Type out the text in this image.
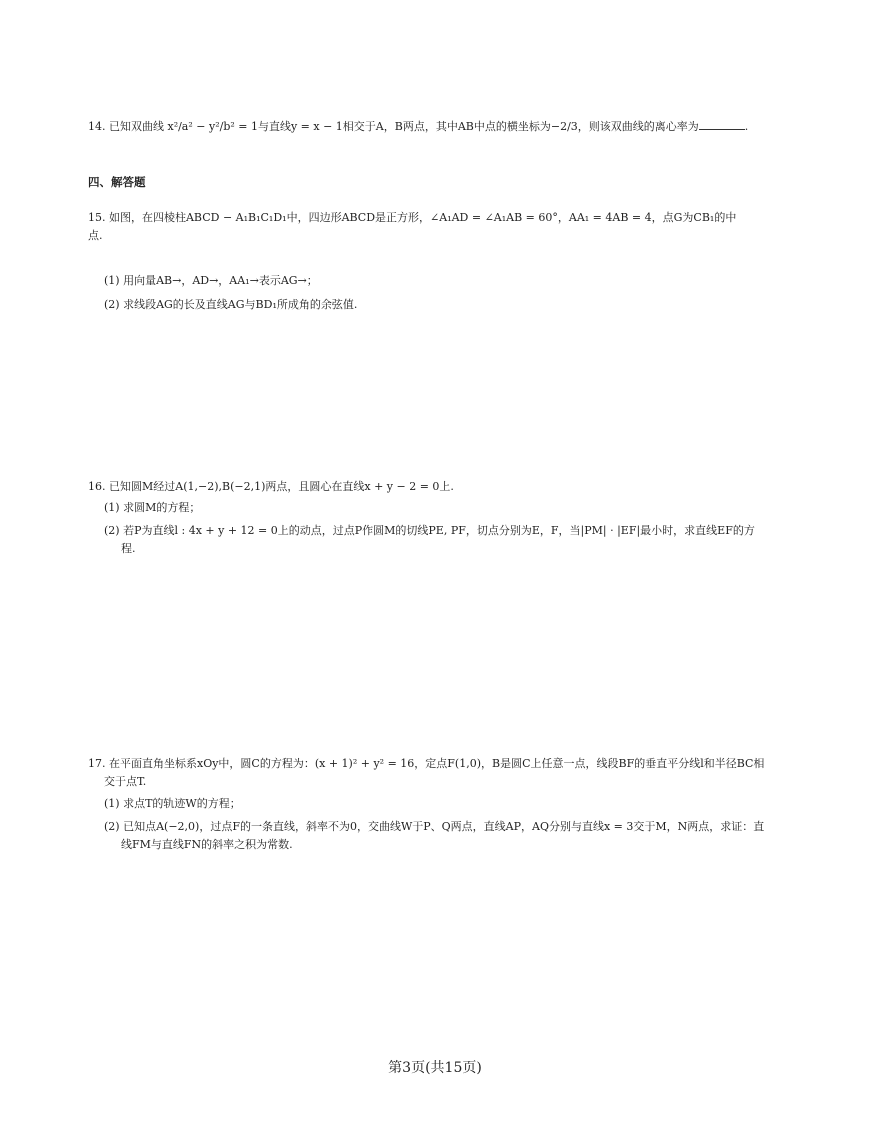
14. 已知双曲线 x²/a² − y²/b² = 1与直线y = x − 1相交于A，B两点，其中AB中点的横坐标为−2/3，则该双曲线的离心率为	.
四、解答题
15. 如图，在四棱柱ABCD − A₁B₁C₁D₁中，四边形ABCD是正方形，∠A₁AD = ∠A₁AB = 60°，AA₁ = 4AB = 4，点G为CB₁的中
点.
(1) 用向量AB→，AD→，AA₁→表示AG→；
(2) 求线段AG的长及直线AG与BD₁所成角的余弦值.
16. 已知圆M经过A(1,−2),B(−2,1)两点，且圆心在直线x + y − 2 = 0上.
(1) 求圆M的方程；
(2) 若P为直线l : 4x + y + 12 = 0上的动点，过点P作圆M的切线PE, PF，切点分别为E，F，当|PM| · |EF|最小时，求直线EF的方
程.
17. 在平面直角坐标系xOy中，圆C的方程为：(x + 1)² + y² = 16，定点F(1,0)，B是圆C上任意一点，线段BF的垂直平分线l和半径BC相
交于点T.
(1) 求点T的轨迹W的方程；
(2) 已知点A(−2,0)，过点F的一条直线，斜率不为0，交曲线W于P、Q两点，直线AP，AQ分别与直线x = 3交于M，N两点，求证：直
线FM与直线FN的斜率之积为常数.
第3页(共15页)
